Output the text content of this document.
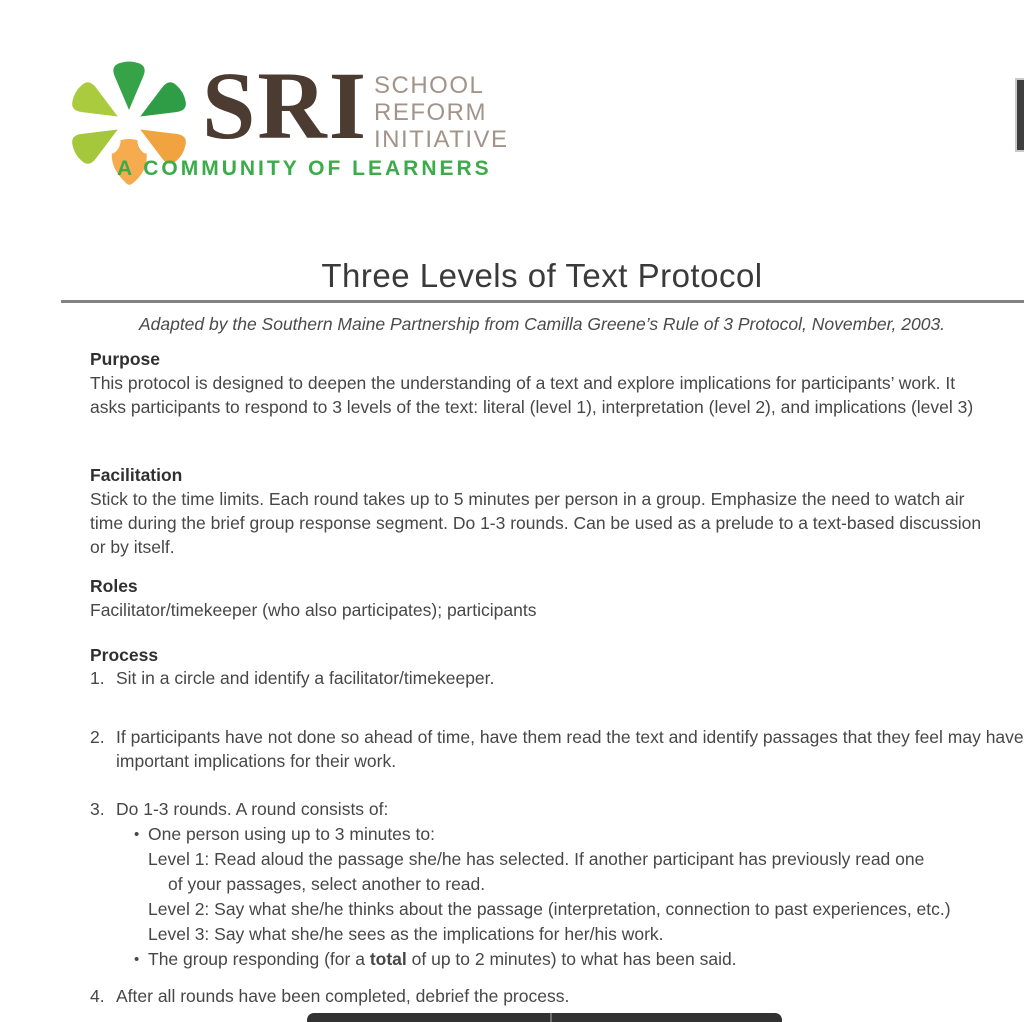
SRI SCHOOL
REFORM
INITIATIVE
A COMMUNITY OF LEARNERS
Three Levels of Text Protocol
Adapted by the Southern Maine Partnership from Camilla Greene’s Rule of 3 Protocol, November, 2003.
Purpose

This protocol is designed to deepen the understanding of a text and explore implications for participants’ work. It asks participants to respond to 3 levels of the text: literal (level 1), interpretation (level 2), and implications (level 3)

Facilitation

Stick to the time limits. Each round takes up to 5 minutes per person in a group. Emphasize the need to watch air time during the brief group response segment. Do 1-3 rounds. Can be used as a prelude to a text-based discussion or by itself.

Roles

Facilitator/timekeeper (who also participates); participants

Process
1. Sit in a circle and identify a facilitator/timekeeper.
2. If participants have not done so ahead of time, have them read the text and identify passages that they feel may have important implications for their work.
3. Do 1-3 rounds. A round consists of:
• One person using up to 3 minutes to:
Level 1: Read aloud the passage she/he has selected. If another participant has previously read one
of your passages, select another to read.
Level 2: Say what she/he thinks about the passage (interpretation, connection to past experiences, etc.)
Level 3: Say what she/he sees as the implications for her/his work.
• The group responding (for a total of up to 2 minutes) to what has been said.
4. After all rounds have been completed, debrief the process.
